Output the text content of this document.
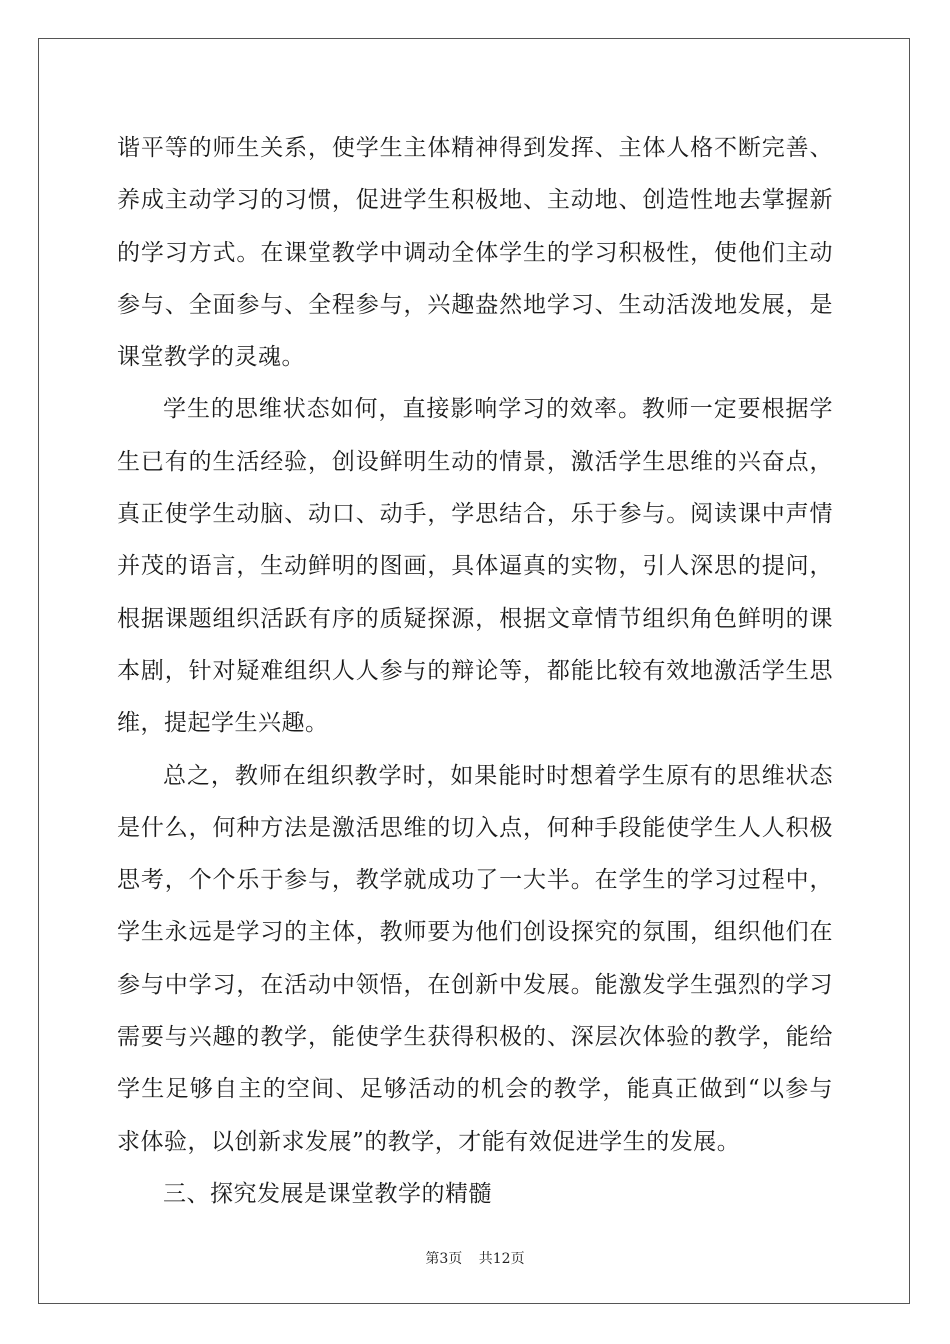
谐平等的师生关系，使学生主体精神得到发挥、主体人格不断完善、
养成主动学习的习惯，促进学生积极地、主动地、创造性地去掌握新
的学习方式。在课堂教学中调动全体学生的学习积极性，使他们主动
参与、全面参与、全程参与，兴趣盎然地学习、生动活泼地发展，是
课堂教学的灵魂。
学生的思维状态如何，直接影响学习的效率。教师一定要根据学
生已有的生活经验，创设鲜明生动的情景，激活学生思维的兴奋点，
真正使学生动脑、动口、动手，学思结合，乐于参与。阅读课中声情
并茂的语言，生动鲜明的图画，具体逼真的实物，引人深思的提问，
根据课题组织活跃有序的质疑探源，根据文章情节组织角色鲜明的课
本剧，针对疑难组织人人参与的辩论等，都能比较有效地激活学生思
维，提起学生兴趣。
总之，教师在组织教学时，如果能时时想着学生原有的思维状态
是什么，何种方法是激活思维的切入点，何种手段能使学生人人积极
思考，个个乐于参与，教学就成功了一大半。在学生的学习过程中，
学生永远是学习的主体，教师要为他们创设探究的氛围，组织他们在
参与中学习，在活动中领悟，在创新中发展。能激发学生强烈的学习
需要与兴趣的教学，能使学生获得积极的、深层次体验的教学，能给
学生足够自主的空间、足够活动的机会的教学，能真正做到“以参与
求体验，以创新求发展”的教学，才能有效促进学生的发展。
三、探究发展是课堂教学的精髓
第3页 共12页
